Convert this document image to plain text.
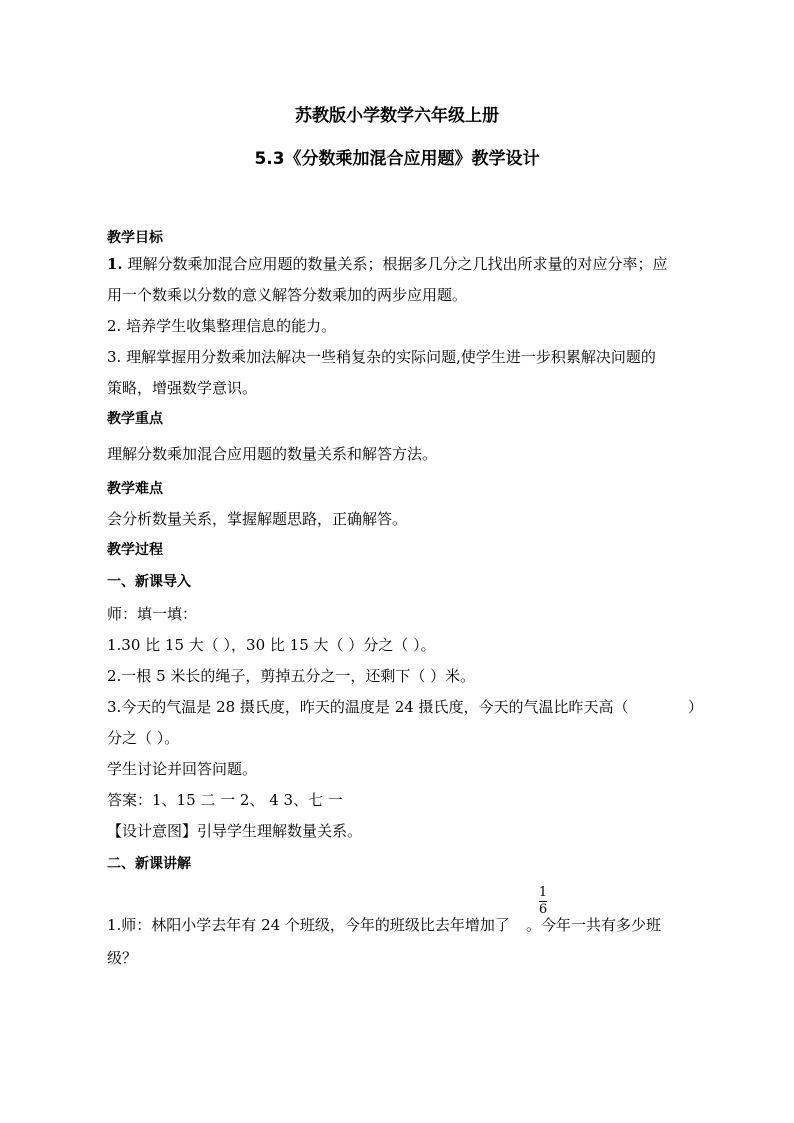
苏教版小学数学六年级上册
5.3《分数乘加混合应用题》教学设计
教学目标
1. 理解分数乘加混合应用题的数量关系；根据多几分之几找出所求量的对应分率；应
用一个数乘以分数的意义解答分数乘加的两步应用题。
2. 培养学生收集整理信息的能力。
3. 理解掌握用分数乘加法解决一些稍复杂的实际问题,使学生进一步积累解决问题的
策略，增强数学意识。
教学重点
理解分数乘加混合应用题的数量关系和解答方法。
教学难点
会分析数量关系，掌握解题思路，正确解答。
教学过程
一、新课导入
师：填一填：
1.30 比 15 大（ ），30 比 15 大（ ）分之（ ）。
2.一根 5 米长的绳子，剪掉五分之一，还剩下（ ）米。
3.今天的气温是 28 摄氏度，昨天的温度是 24 摄氏度，今天的气温比昨天高（	）
分之（ ）。
学生讨论并回答问题。
答案：1、15 二 一 2、 4 3、七 一
【设计意图】引导学生理解数量关系。
二、新课讲解
1
6
1.师：林阳小学去年有 24 个班级，今年的班级比去年增加了 。今年一共有多少班
级？
